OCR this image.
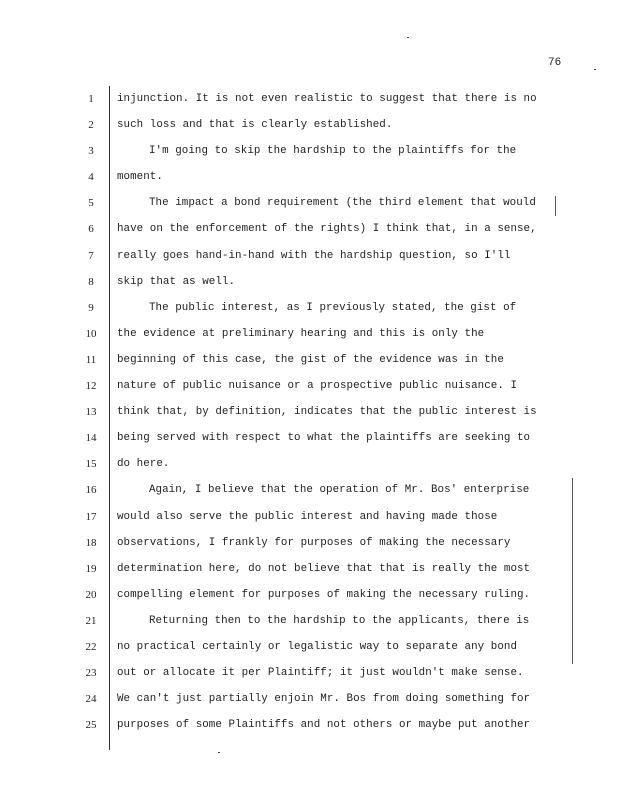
76
1	injunction. It is not even realistic to suggest that there is no
2	such loss and that is clearly established.
3	I'm going to skip the hardship to the plaintiffs for the
4	moment.
5	The impact a bond requirement (the third element that would
6	have on the enforcement of the rights) I think that, in a sense,
7	really goes hand-in-hand with the hardship question, so I'll
8	skip that as well.
9	The public interest, as I previously stated, the gist of
10	the evidence at preliminary hearing and this is only the
11	beginning of this case, the gist of the evidence was in the
12	nature of public nuisance or a prospective public nuisance. I
13	think that, by definition, indicates that the public interest is
14	being served with respect to what the plaintiffs are seeking to
15	do here.
16	Again, I believe that the operation of Mr. Bos' enterprise
17	would also serve the public interest and having made those
18	observations, I frankly for purposes of making the necessary
19	determination here, do not believe that that is really the most
20	compelling element for purposes of making the necessary ruling.
21	Returning then to the hardship to the applicants, there is
22	no practical certainly or legalistic way to separate any bond
23	out or allocate it per Plaintiff; it just wouldn't make sense.
24	We can't just partially enjoin Mr. Bos from doing something for
25	purposes of some Plaintiffs and not others or maybe put another
